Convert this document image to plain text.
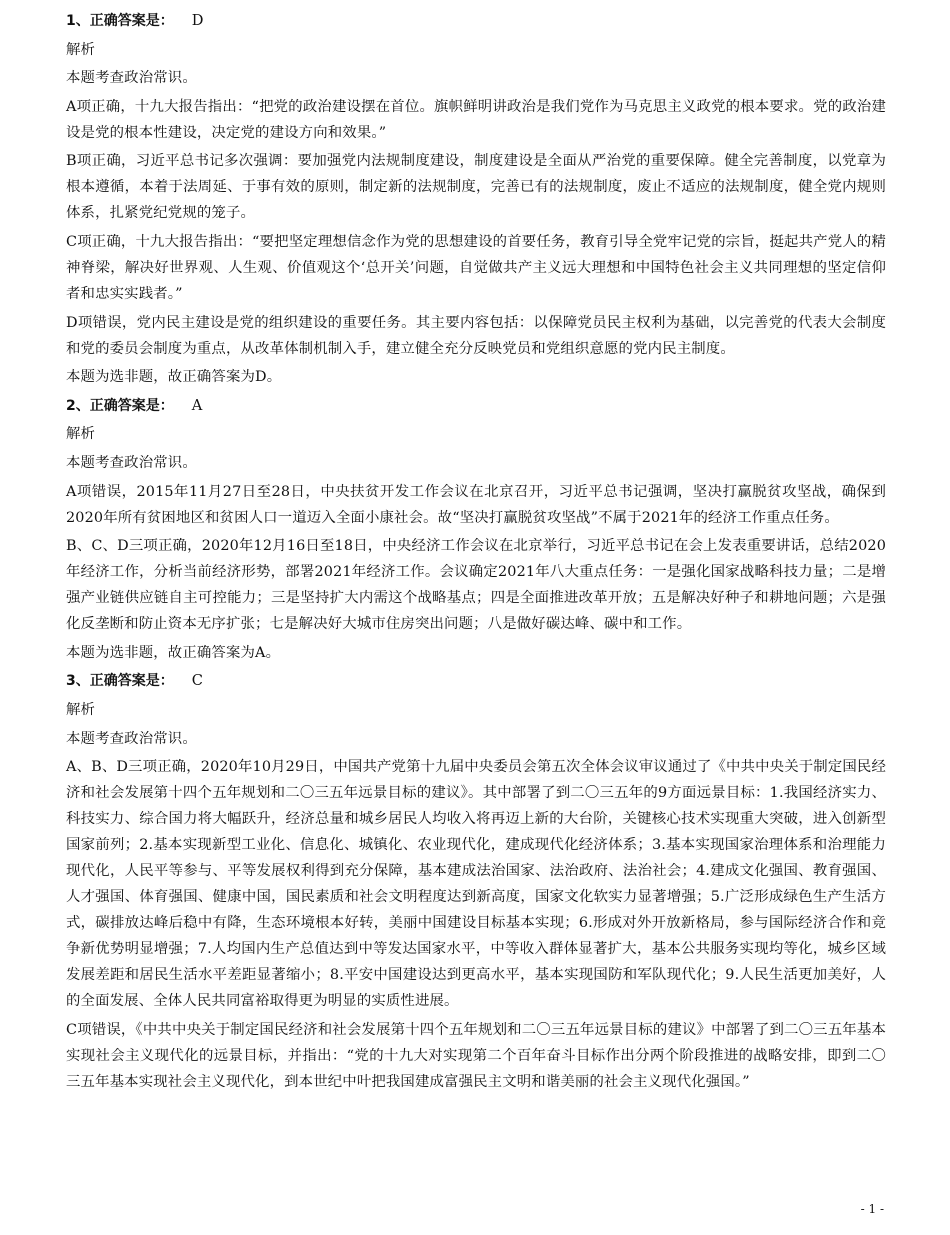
1、正确答案是： D

解析

本题考查政治常识。

A项正确，十九大报告指出：“把党的政治建设摆在首位。旗帜鲜明讲政治是我们党作为马克思主义政党的根本要求。党的政治建设是党的根本性建设，决定党的建设方向和效果。”

B项正确，习近平总书记多次强调：要加强党内法规制度建设，制度建设是全面从严治党的重要保障。健全完善制度，以党章为根本遵循，本着于法周延、于事有效的原则，制定新的法规制度，完善已有的法规制度，废止不适应的法规制度，健全党内规则体系，扎紧党纪党规的笼子。

C项正确，十九大报告指出：“要把坚定理想信念作为党的思想建设的首要任务，教育引导全党牢记党的宗旨，挺起共产党人的精神脊梁，解决好世界观、人生观、价值观这个‘总开关’问题，自觉做共产主义远大理想和中国特色社会主义共同理想的坚定信仰者和忠实实践者。”

D项错误，党内民主建设是党的组织建设的重要任务。其主要内容包括：以保障党员民主权利为基础，以完善党的代表大会制度和党的委员会制度为重点，从改革体制机制入手，建立健全充分反映党员和党组织意愿的党内民主制度。

本题为选非题，故正确答案为D。

2、正确答案是： A

解析

本题考查政治常识。

A项错误，2015年11月27日至28日，中央扶贫开发工作会议在北京召开，习近平总书记强调，坚决打赢脱贫攻坚战，确保到2020年所有贫困地区和贫困人口一道迈入全面小康社会。故“坚决打赢脱贫攻坚战”不属于2021年的经济工作重点任务。

B、C、D三项正确，2020年12月16日至18日，中央经济工作会议在北京举行，习近平总书记在会上发表重要讲话，总结2020年经济工作，分析当前经济形势，部署2021年经济工作。会议确定2021年八大重点任务：一是强化国家战略科技力量；二是增强产业链供应链自主可控能力；三是坚持扩大内需这个战略基点；四是全面推进改革开放；五是解决好种子和耕地问题；六是强化反垄断和防止资本无序扩张；七是解决好大城市住房突出问题；八是做好碳达峰、碳中和工作。

本题为选非题，故正确答案为A。

3、正确答案是： C

解析

本题考查政治常识。

A、B、D三项正确，2020年10月29日，中国共产党第十九届中央委员会第五次全体会议审议通过了《中共中央关于制定国民经济和社会发展第十四个五年规划和二〇三五年远景目标的建议》。其中部署了到二〇三五年的9方面远景目标：1.我国经济实力、科技实力、综合国力将大幅跃升，经济总量和城乡居民人均收入将再迈上新的大台阶，关键核心技术实现重大突破，进入创新型国家前列；2.基本实现新型工业化、信息化、城镇化、农业现代化，建成现代化经济体系；3.基本实现国家治理体系和治理能力现代化，人民平等参与、平等发展权利得到充分保障，基本建成法治国家、法治政府、法治社会；4.建成文化强国、教育强国、人才强国、体育强国、健康中国，国民素质和社会文明程度达到新高度，国家文化软实力显著增强；5.广泛形成绿色生产生活方式，碳排放达峰后稳中有降，生态环境根本好转，美丽中国建设目标基本实现；6.形成对外开放新格局，参与国际经济合作和竞争新优势明显增强；7.人均国内生产总值达到中等发达国家水平，中等收入群体显著扩大，基本公共服务实现均等化，城乡区域发展差距和居民生活水平差距显著缩小；8.平安中国建设达到更高水平，基本实现国防和军队现代化；9.人民生活更加美好，人的全面发展、全体人民共同富裕取得更为明显的实质性进展。

C项错误，《中共中央关于制定国民经济和社会发展第十四个五年规划和二〇三五年远景目标的建议》中部署了到二〇三五年基本实现社会主义现代化的远景目标，并指出：“党的十九大对实现第二个百年奋斗目标作出分两个阶段推进的战略安排，即到二〇三五年基本实现社会主义现代化，到本世纪中叶把我国建成富强民主文明和谐美丽的社会主义现代化强国。”

- 1 -
